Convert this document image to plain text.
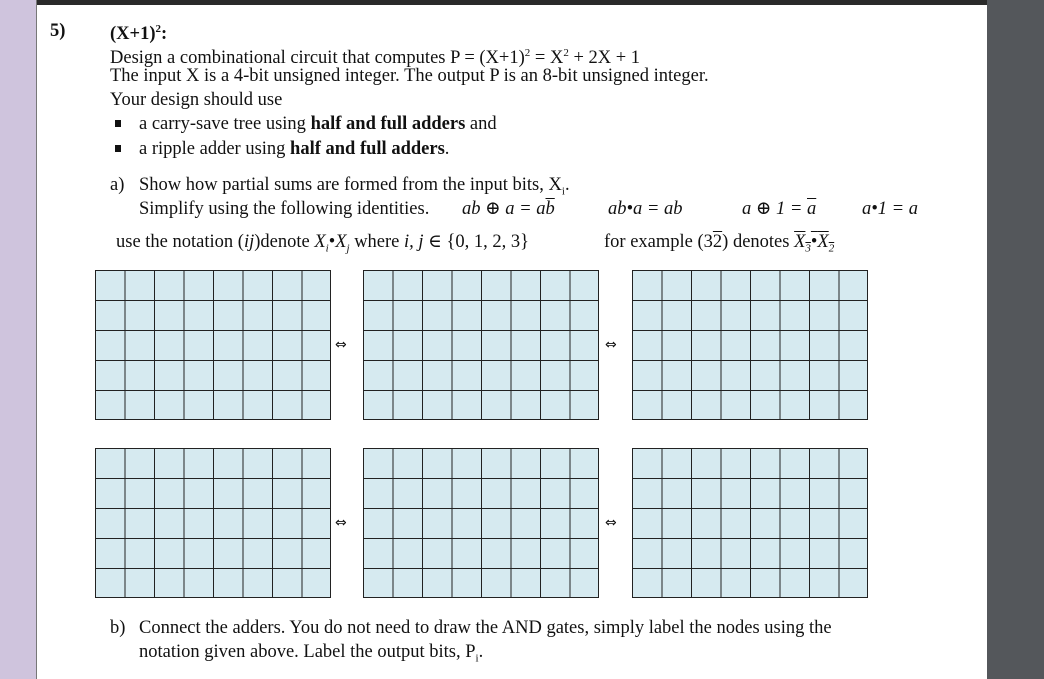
5) $(X+1)^2$:
Design a combinational circuit that computes $P = (X+1)^2 = X^2 + 2X + 1$
The input X is a 4-bit unsigned integer. The output P is an 8-bit unsigned integer.
Your design should use
a carry-save tree using half and full adders and
a ripple adder using half and full adders.
a) Show how partial sums are formed from the input bits, $X_i$.
Simplify using the following identities. ab ⊕ $a = a\overline{b}$	ab•a = ab	a ⊕ $1 = \overline{a}$ a•1 = a
use the notation (ij)denote $X_i•X_j$ where i, j ∈ {0, 1, 2, 3}	for example (32) denotes $X_3•X_2$
⇔	⇔
⇔	⇔
b) Connect the adders. You do not need to draw the AND gates, simply label the nodes using the
notation given above. Label the output bits, $P_i$.
